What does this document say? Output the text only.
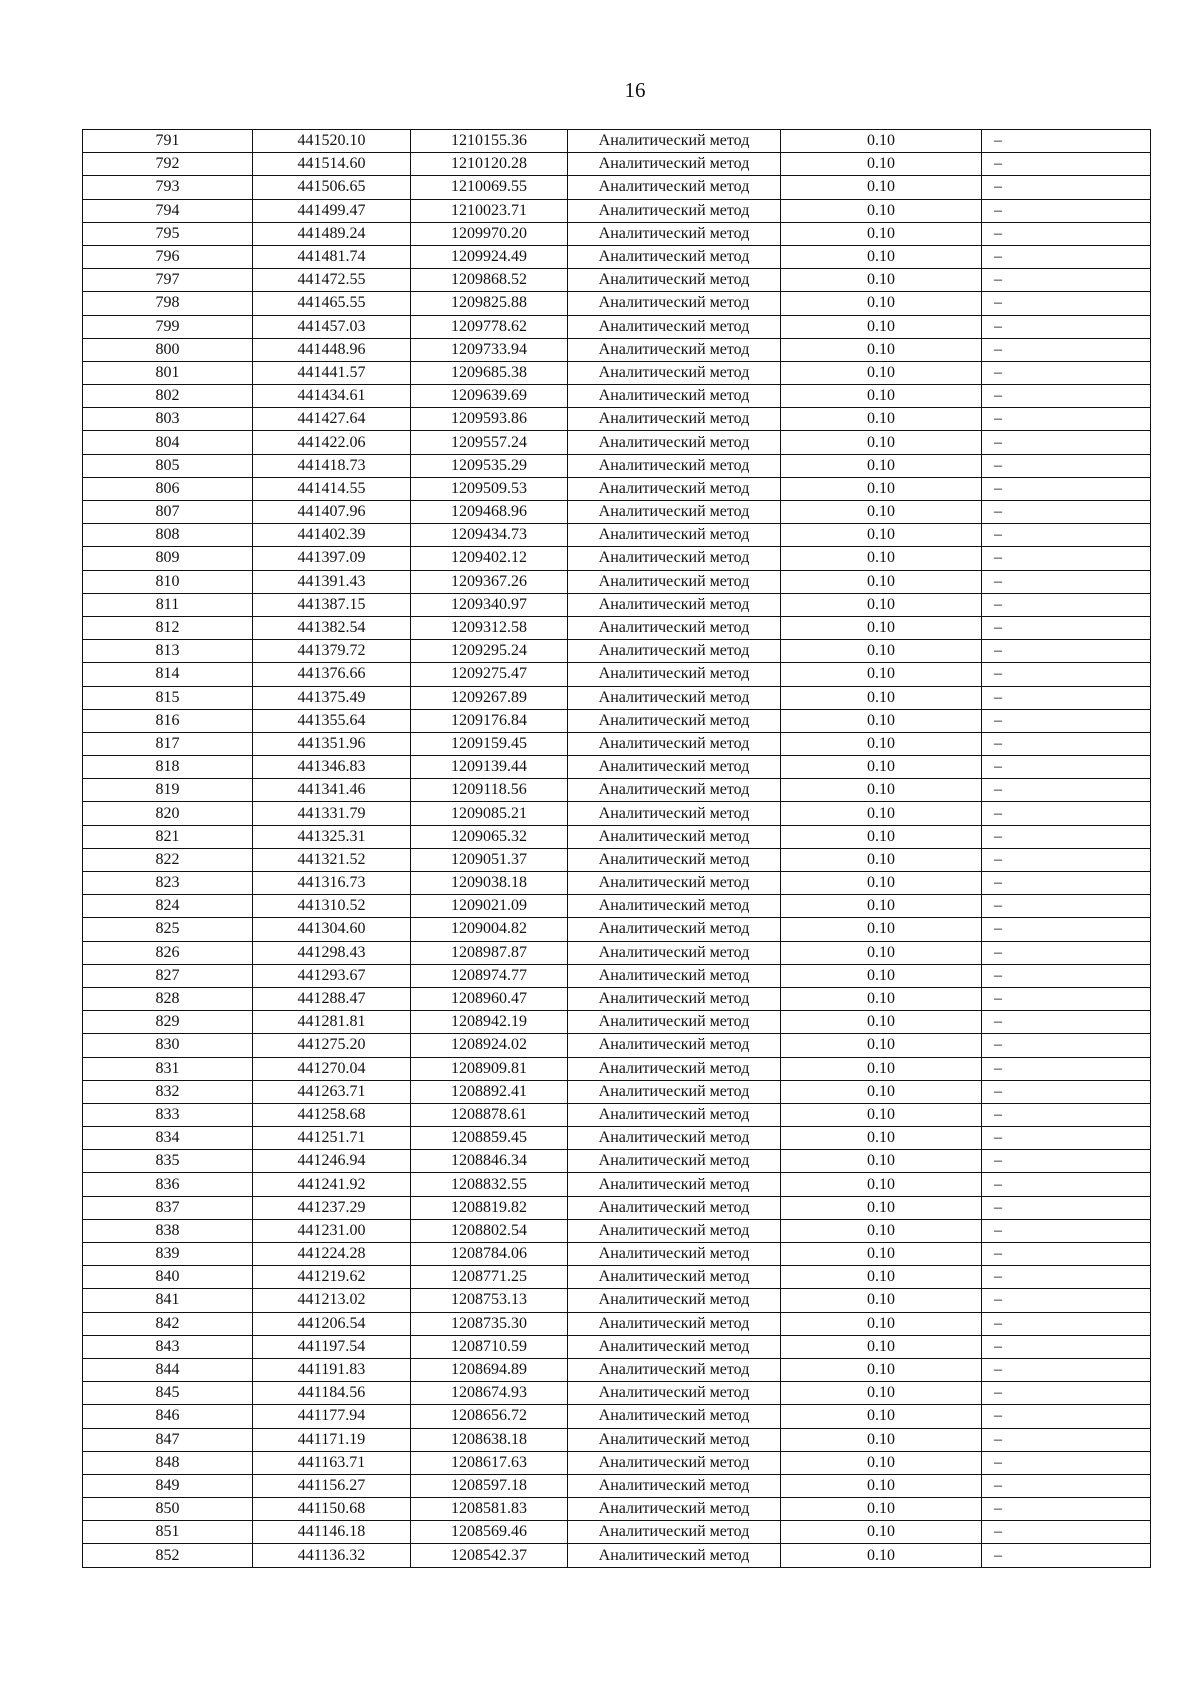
16
791	441520.10	1210155.36	Аналитический метод	0.10	–
792	441514.60	1210120.28	Аналитический метод	0.10	–
793	441506.65	1210069.55	Аналитический метод	0.10	–
794	441499.47	1210023.71	Аналитический метод	0.10	–
795	441489.24	1209970.20	Аналитический метод	0.10	–
796	441481.74	1209924.49	Аналитический метод	0.10	–
797	441472.55	1209868.52	Аналитический метод	0.10	–
798	441465.55	1209825.88	Аналитический метод	0.10	–
799	441457.03	1209778.62	Аналитический метод	0.10	–
800	441448.96	1209733.94	Аналитический метод	0.10	–
801	441441.57	1209685.38	Аналитический метод	0.10	–
802	441434.61	1209639.69	Аналитический метод	0.10	–
803	441427.64	1209593.86	Аналитический метод	0.10	–
804	441422.06	1209557.24	Аналитический метод	0.10	–
805	441418.73	1209535.29	Аналитический метод	0.10	–
806	441414.55	1209509.53	Аналитический метод	0.10	–
807	441407.96	1209468.96	Аналитический метод	0.10	–
808	441402.39	1209434.73	Аналитический метод	0.10	–
809	441397.09	1209402.12	Аналитический метод	0.10	–
810	441391.43	1209367.26	Аналитический метод	0.10	–
811	441387.15	1209340.97	Аналитический метод	0.10	–
812	441382.54	1209312.58	Аналитический метод	0.10	–
813	441379.72	1209295.24	Аналитический метод	0.10	–
814	441376.66	1209275.47	Аналитический метод	0.10	–
815	441375.49	1209267.89	Аналитический метод	0.10	–
816	441355.64	1209176.84	Аналитический метод	0.10	–
817	441351.96	1209159.45	Аналитический метод	0.10	–
818	441346.83	1209139.44	Аналитический метод	0.10	–
819	441341.46	1209118.56	Аналитический метод	0.10	–
820	441331.79	1209085.21	Аналитический метод	0.10	–
821	441325.31	1209065.32	Аналитический метод	0.10	–
822	441321.52	1209051.37	Аналитический метод	0.10	–
823	441316.73	1209038.18	Аналитический метод	0.10	–
824	441310.52	1209021.09	Аналитический метод	0.10	–
825	441304.60	1209004.82	Аналитический метод	0.10	–
826	441298.43	1208987.87	Аналитический метод	0.10	–
827	441293.67	1208974.77	Аналитический метод	0.10	–
828	441288.47	1208960.47	Аналитический метод	0.10	–
829	441281.81	1208942.19	Аналитический метод	0.10	–
830	441275.20	1208924.02	Аналитический метод	0.10	–
831	441270.04	1208909.81	Аналитический метод	0.10	–
832	441263.71	1208892.41	Аналитический метод	0.10	–
833	441258.68	1208878.61	Аналитический метод	0.10	–
834	441251.71	1208859.45	Аналитический метод	0.10	–
835	441246.94	1208846.34	Аналитический метод	0.10	–
836	441241.92	1208832.55	Аналитический метод	0.10	–
837	441237.29	1208819.82	Аналитический метод	0.10	–
838	441231.00	1208802.54	Аналитический метод	0.10	–
839	441224.28	1208784.06	Аналитический метод	0.10	–
840	441219.62	1208771.25	Аналитический метод	0.10	–
841	441213.02	1208753.13	Аналитический метод	0.10	–
842	441206.54	1208735.30	Аналитический метод	0.10	–
843	441197.54	1208710.59	Аналитический метод	0.10	–
844	441191.83	1208694.89	Аналитический метод	0.10	–
845	441184.56	1208674.93	Аналитический метод	0.10	–
846	441177.94	1208656.72	Аналитический метод	0.10	–
847	441171.19	1208638.18	Аналитический метод	0.10	–
848	441163.71	1208617.63	Аналитический метод	0.10	–
849	441156.27	1208597.18	Аналитический метод	0.10	–
850	441150.68	1208581.83	Аналитический метод	0.10	–
851	441146.18	1208569.46	Аналитический метод	0.10	–
852	441136.32	1208542.37	Аналитический метод	0.10	–
